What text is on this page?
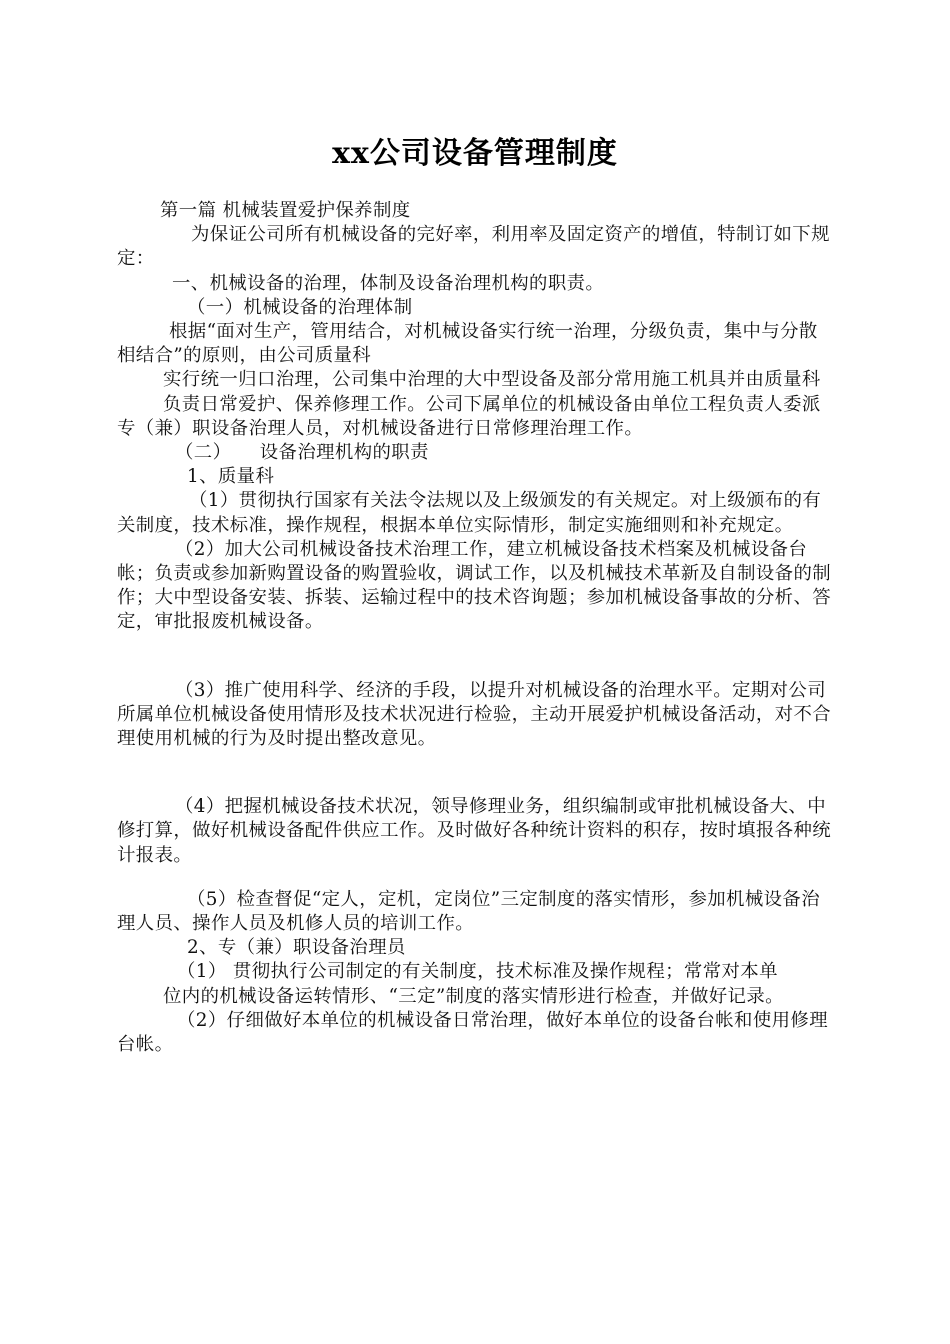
xx公司设备管理制度

第一篇 机械装置爱护保养制度

为保证公司所有机械设备的完好率，利用率及固定资产的增值，特制订如下规定：

一、机械设备的治理，体制及设备治理机构的职责。

（一）机械设备的治理体制

根据“面对生产，管用结合，对机械设备实行统一治理，分级负责，集中与分散相结合”的原则，由公司质量科

实行统一归口治理，公司集中治理的大中型设备及部分常用施工机具并由质量科

负责日常爱护、保养修理工作。公司下属单位的机械设备由单位工程负责人委派专（兼）职设备治理人员，对机械设备进行日常修理治理工作。

（二）　　设备治理机构的职责

1、质量科

（1）贯彻执行国家有关法令法规以及上级颁发的有关规定。对上级颁布的有关制度，技术标准，操作规程，根据本单位实际情形，制定实施细则和补充规定。

（2）加大公司机械设备技术治理工作，建立机械设备技术档案及机械设备台帐；负责或参加新购置设备的购置验收，调试工作，以及机械技术革新及自制设备的制作；大中型设备安装、拆装、运输过程中的技术咨询题；参加机械设备事故的分析、答定，审批报废机械设备。

（3）推广使用科学、经济的手段，以提升对机械设备的治理水平。定期对公司所属单位机械设备使用情形及技术状况进行检验，主动开展爱护机械设备活动，对不合理使用机械的行为及时提出整改意见。

（4）把握机械设备技术状况，领导修理业务，组织编制或审批机械设备大、中修打算，做好机械设备配件供应工作。及时做好各种统计资料的积存，按时填报各种统计报表。

（5）检查督促“定人，定机，定岗位”三定制度的落实情形，参加机械设备治理人员、操作人员及机修人员的培训工作。

2、专（兼）职设备治理员

（1） 贯彻执行公司制定的有关制度，技术标准及操作规程；常常对本单

位内的机械设备运转情形、“三定”制度的落实情形进行检查，并做好记录。

（2）仔细做好本单位的机械设备日常治理，做好本单位的设备台帐和使用修理台帐。
